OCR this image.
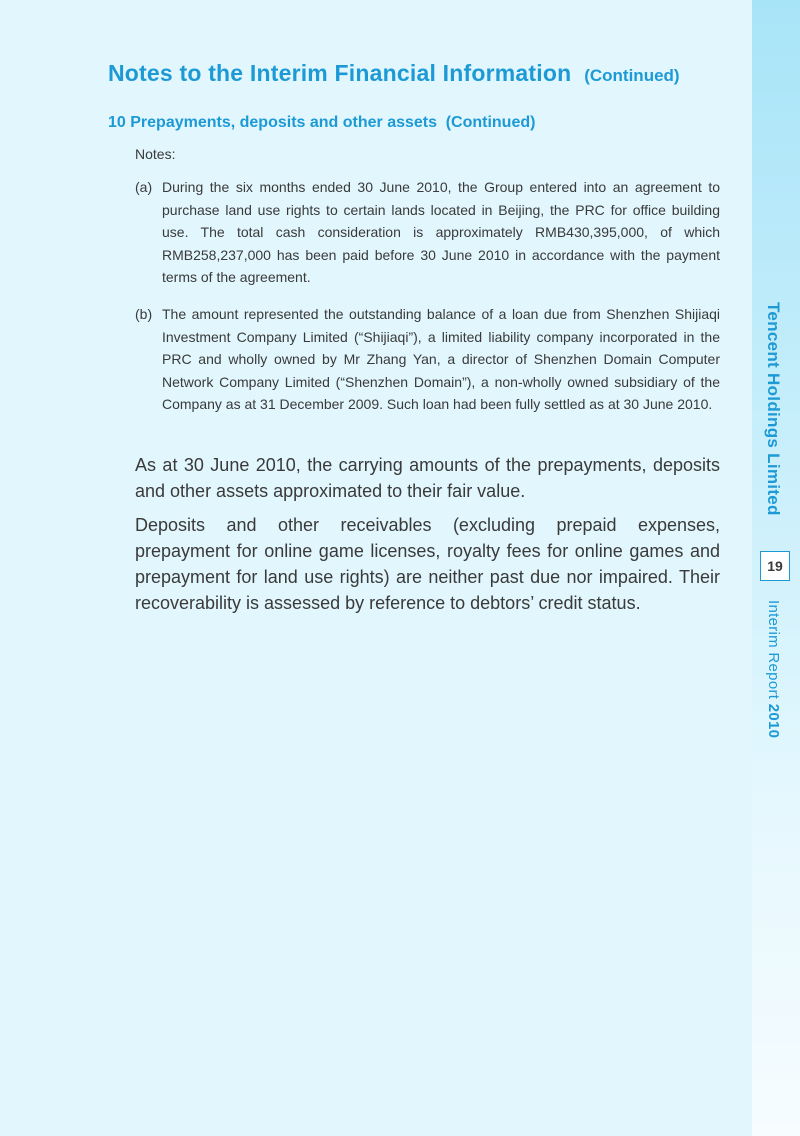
Notes to the Interim Financial Information (Continued)
10 Prepayments, deposits and other assets (Continued)
Notes:
(a) During the six months ended 30 June 2010, the Group entered into an agreement to purchase land use rights to certain lands located in Beijing, the PRC for office building use. The total cash consideration is approximately RMB430,395,000, of which RMB258,237,000 has been paid before 30 June 2010 in accordance with the payment terms of the agreement.
(b) The amount represented the outstanding balance of a loan due from Shenzhen Shijiaqi Investment Company Limited (“Shijiaqi”), a limited liability company incorporated in the PRC and wholly owned by Mr Zhang Yan, a director of Shenzhen Domain Computer Network Company Limited (“Shenzhen Domain”), a non-wholly owned subsidiary of the Company as at 31 December 2009. Such loan had been fully settled as at 30 June 2010.

As at 30 June 2010, the carrying amounts of the prepayments, deposits and other assets approximated to their fair value.

Deposits and other receivables (excluding prepaid expenses, prepayment for online game licenses, royalty fees for online games and prepayment for land use rights) are neither past due nor impaired. Their recoverability is assessed by reference to debtors’ credit status.

Tencent Holdings Limited
19
Interim Report 2010
